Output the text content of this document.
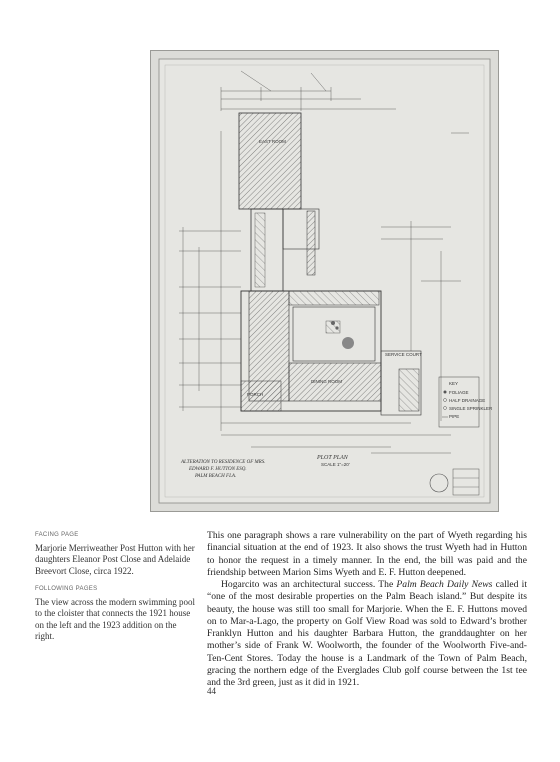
EAST ROOM
DINING ROOM
SERVICE COURT
PORCH
PLOT PLAN
SCALE 1"=20'
ALTERATION TO RESIDENCE OF MRS.
EDWARD F. HUTTON ESQ.
PALM BEACH FLA.
KEY
FOLIAGE
HALF DRAINAGE
SINGLE SPRINKLER
PIPE
FACING PAGE
Marjorie Merriweather Post Hutton with her daughters Eleanor Post Close and Adelaide Breevort Close, circa 1922.
FOLLOWING PAGES
The view across the modern swimming pool to the cloister that connects the 1921 house on the left and the 1923 addition on the right.

This one paragraph shows a rare vulnerability on the part of Wyeth regarding his financial situation at the end of 1923. It also shows the trust Wyeth had in Hutton to honor the request in a timely manner. In the end, the bill was paid and the friendship between Marion Sims Wyeth and E. F. Hutton deepened.

Hogarcito was an architectural success. The Palm Beach Daily News called it “one of the most desirable properties on the Palm Beach island.” But despite its beauty, the house was still too small for Marjorie. When the E. F. Huttons moved on to Mar-a-Lago, the property on Golf View Road was sold to Edward’s brother Franklyn Hutton and his daughter Barbara Hutton, the granddaughter on her mother’s side of Frank W. Woolworth, the founder of the Woolworth Five-and-Ten-Cent Stores. Today the house is a Landmark of the Town of Palm Beach, gracing the northern edge of the Everglades Club golf course between the 1st tee and the 3rd green, just as it did in 1921.

44
